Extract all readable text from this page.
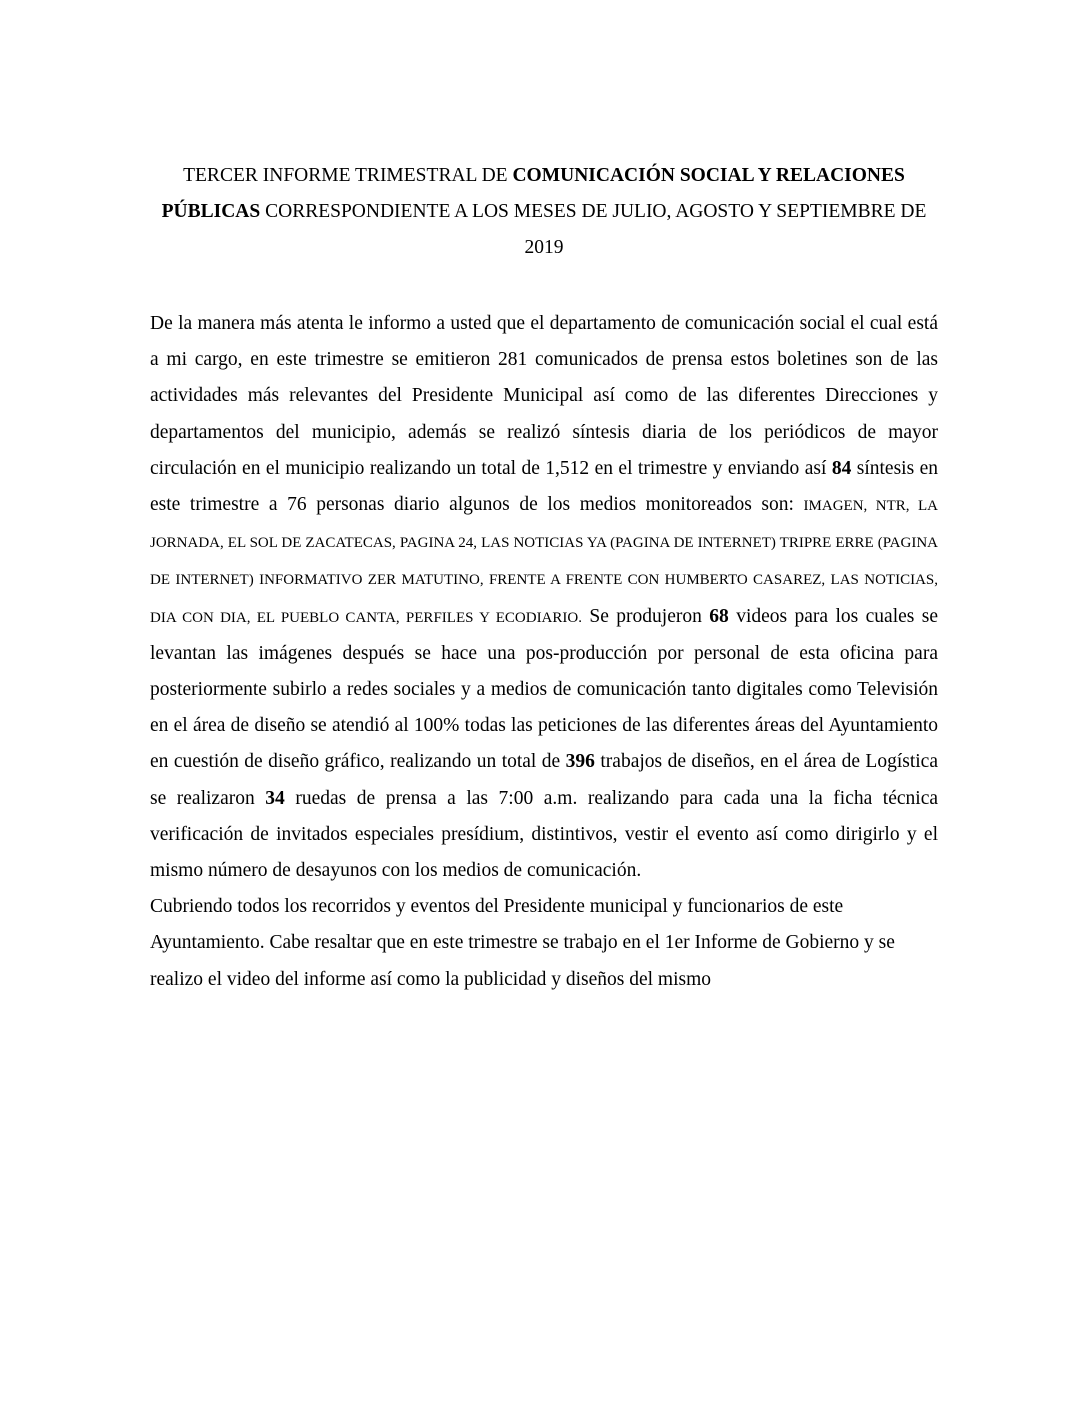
TERCER INFORME TRIMESTRAL DE COMUNICACIÓN SOCIAL Y RELACIONES PÚBLICAS CORRESPONDIENTE A LOS MESES DE JULIO, AGOSTO Y SEPTIEMBRE DE 2019

De la manera más atenta le informo a usted que el departamento de comunicación social el cual está a mi cargo, en este trimestre se emitieron 281 comunicados de prensa estos boletines son de las actividades más relevantes del Presidente Municipal así como de las diferentes Direcciones y departamentos del municipio, además se realizó síntesis diaria de los periódicos de mayor circulación en el municipio realizando un total de 1,512 en el trimestre y enviando así 84 síntesis en este trimestre a 76 personas diario algunos de los medios monitoreados son: IMAGEN, NTR, LA JORNADA, EL SOL DE ZACATECAS, PAGINA 24, LAS NOTICIAS YA (PAGINA DE INTERNET) TRIPRE ERRE (PAGINA DE INTERNET) INFORMATIVO ZER MATUTINO, FRENTE A FRENTE CON HUMBERTO CASAREZ, LAS NOTICIAS, DIA CON DIA, EL PUEBLO CANTA, PERFILES Y ECODIARIO. Se produjeron 68 videos para los cuales se levantan las imágenes después se hace una pos-producción por personal de esta oficina para posteriormente subirlo a redes sociales y a medios de comunicación tanto digitales como Televisión en el área de diseño se atendió al 100% todas las peticiones de las diferentes áreas del Ayuntamiento en cuestión de diseño gráfico, realizando un total de 396 trabajos de diseños, en el área de Logística se realizaron 34 ruedas de prensa a las 7:00 a.m. realizando para cada una la ficha técnica verificación de invitados especiales presídium, distintivos, vestir el evento así como dirigirlo y el mismo número de desayunos con los medios de comunicación.

Cubriendo todos los recorridos y eventos del Presidente municipal y funcionarios de este Ayuntamiento. Cabe resaltar que en este trimestre se trabajo en el 1er Informe de Gobierno y se realizo el video del informe así como la publicidad y diseños del mismo
